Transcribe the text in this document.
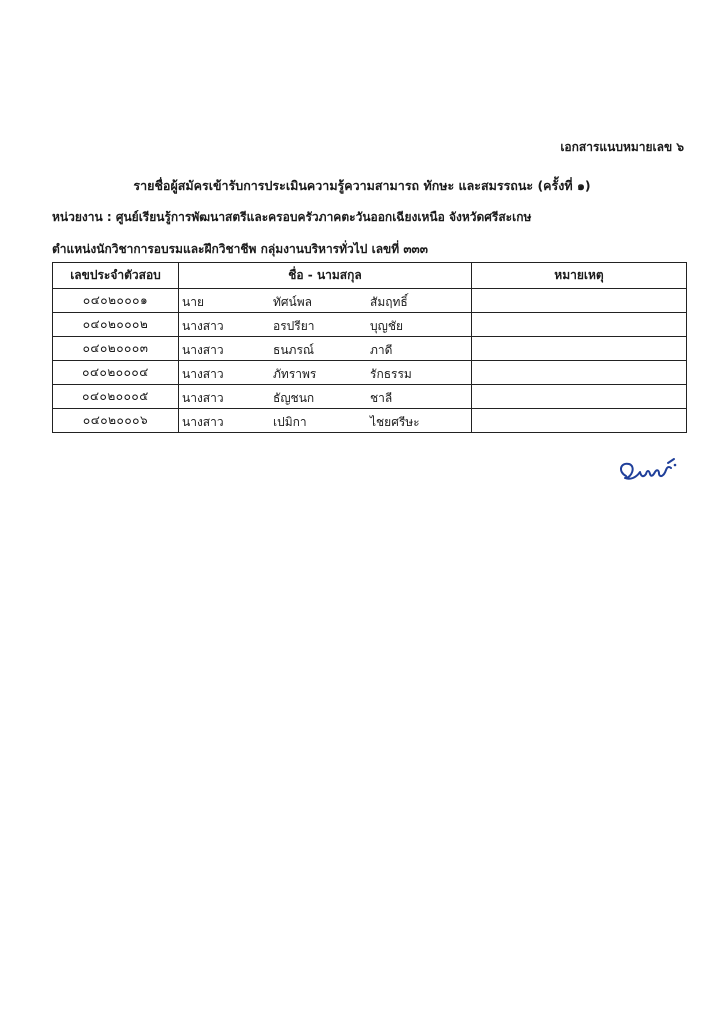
เอกสารแนบหมายเลข ๖
รายชื่อผู้สมัครเข้ารับการประเมินความรู้ความสามารถ ทักษะ และสมรรถนะ (ครั้งที่ ๑)
หน่วยงาน : ศูนย์เรียนรู้การพัฒนาสตรีและครอบครัวภาคตะวันออกเฉียงเหนือ จังหวัดศรีสะเกษ
ตำแหน่งนักวิชาการอบรมและฝึกวิชาชีพ กลุ่มงานบริหารทั่วไป เลขที่ ๓๓๓
เลขประจำตัวสอบ	ชื่อ - นามสกุล	หมายเหตุ
๐๔๐๒๐๐๐๑	นาย ทัศน์พล สัมฤทธิ์	

๐๔๐๒๐๐๐๒	นางสาว อรปรียา บุญชัย	

๐๔๐๒๐๐๐๓	นางสาว ธนภรณ์ ภาดี	

๐๔๐๒๐๐๐๔	นางสาว ภัทราพร รักธรรม	

๐๔๐๒๐๐๐๕	นางสาว ธัญชนก ชาลี	

๐๔๐๒๐๐๐๖	นางสาว เปมิกา ไชยศรีษะ	
